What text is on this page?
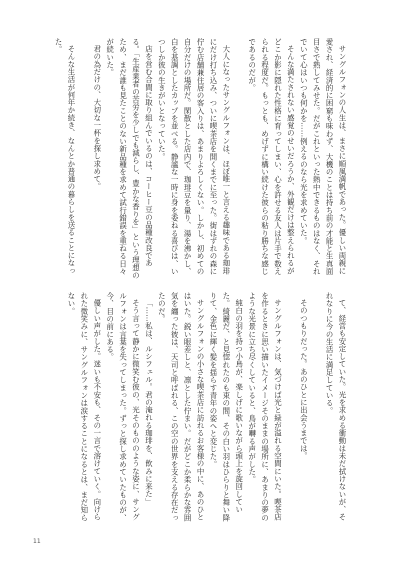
サングルフォンの人生は、まさに順風満帆であった。優しい両親に愛され、経済的に困窮も味わず、大機のことは持ち前の才能と生真面目さで熟してみせた。だがこれといった熱中できるものはなく、それでいて心はいつも何かを……例えるのなら光を求めていた。

そんな満たされない感覚のせいだろうか、外観だけは整えられるがどこか影に隠れた性格に育ってしまい、心を許せる友人は片手で数えられる程度だ。もっとも、めげずに構い続けた彼らの粘り勝ちな感じであるのだが。

大人になったサングルフォンは、ほぼ唯一と言える趣味である珈琲にだけ打ち込み、ついに喫茶店を開くまでに至った。街はずれの森に佇む店舗兼住居の客入りは、あまりよろしくない。しかし、初めての自分だけの場所だ。閑散とした店内で、珈琲豆を量り、湯を沸かし、白を基調としたカップを並べる。静謐な一時に身を委ねる喜びは、いつしか彼の生きがいとなっていた。

店を営む合間に取り組んでいるのは、コーヒー豆の品種改良である。「生産業者の苦労を少しでも減らし、豊かな香りを」という理想のため、まだ誰も見たことのない新品種を求めて試行錯誤を重ねる日々が続いた。

君の為だけの、大切な一杯を探し求めて。

そんな生活が何年か続き、なんとか普通の暮らしを送ることになった。

て、経営も安定していた。光を求める衝動は未だ拭けないが、それなりに今の生活に満足している。

そのつもりだった。あのひとに出会うまでは。

サングルフォンは、気づけば光と緑が溢れる空間にいた。喫茶店を作るときに思い描いたイメージそのままの場所に、あまりの夢のような光景に立ち尽くしていると、鳥が囀る声がした。

純白の羽を持つ小鳥が、楽しげに歌いながら頭上を旋回していた。綺麗だ、と見惚れたのも束の間、その白い羽はひらりと舞い降りて、金色に輝く髪を揺らす青年の姿へと変じた。

サングルフォンの小さな喫茶店に訪れるお客様の中に、あのひとはいた。鋭い眼差しと、凛とした佇まい。だがどこか柔らかな雰囲気を纏った彼は、天司と呼ばれる、この空の世界を支える存在だったのだ。

「……私は、ルシフェル。君の淹れる珈琲を、飲みに来た」

そう言って静かに微笑む彼の、光そのもののような姿に、サングルフォンは言葉を失ってしまった。ずっと探し求めていたものが、今、目の前にある。

優しい声がした。迷いも不安も、その一言で溶けていく。向けられた微笑みに、サングルフォンは涙することになるとは、まだ知らない。

11
